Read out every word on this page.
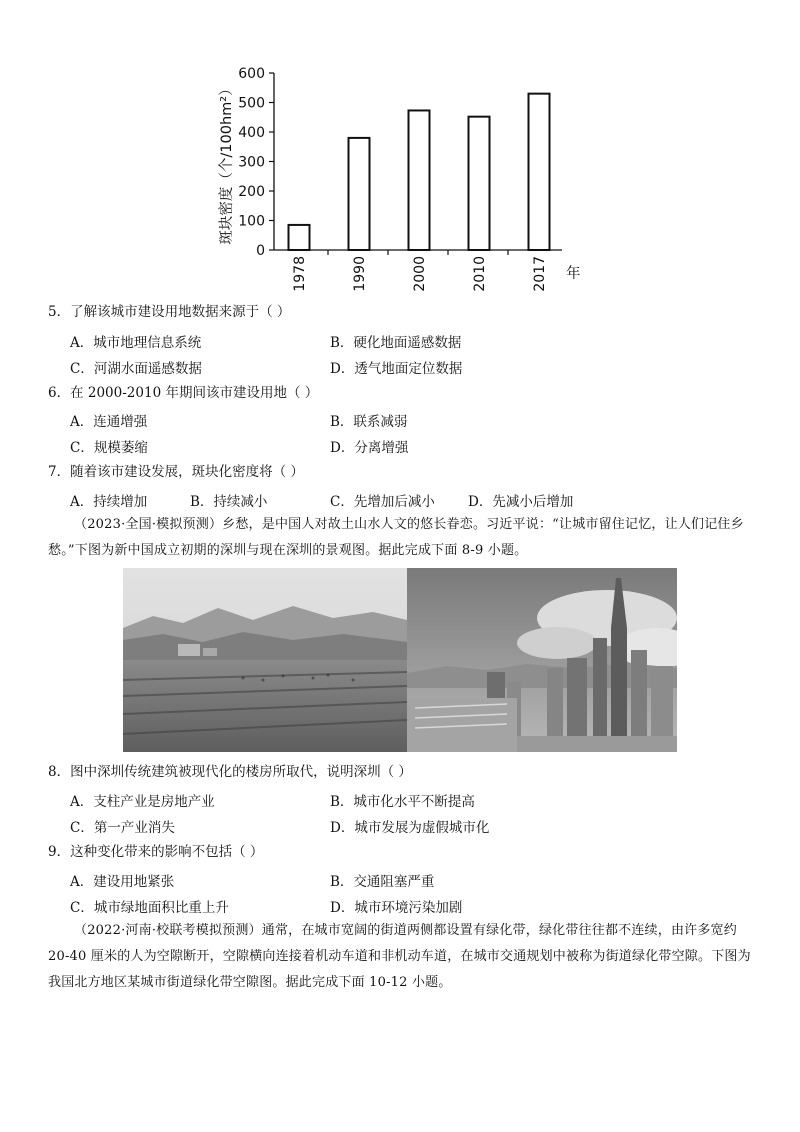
0
100
200
300
400
500
600
斑块密度（个/100hm²）
1978	1990	2000	2010	2017 年
5．了解该城市建设用地数据来源于（ ）
A．城市地理信息系统	B．硬化地面遥感数据
C．河湖水面遥感数据	D．透气地面定位数据
6．在 2000-2010 年期间该市建设用地（ ）
A．连通增强	B．联系减弱
C．规模萎缩	D．分离增强
7．随着该市建设发展，斑块化密度将（ ）
A．持续增加	B．持续减小	C．先增加后减小 D．先减小后增加
（2023·全国·模拟预测）乡愁，是中国人对故土山水人文的悠长眷恋。习近平说：“让城市留住记忆，让人们记住乡愁。”下图为新中国成立初期的深圳与现在深圳的景观图。据此完成下面 8-9 小题。
8．图中深圳传统建筑被现代化的楼房所取代，说明深圳（ ）
A．支柱产业是房地产业	B．城市化水平不断提高
C．第一产业消失	D．城市发展为虚假城市化
9．这种变化带来的影响不包括（ ）
A．建设用地紧张	B．交通阻塞严重
C．城市绿地面积比重上升	D．城市环境污染加剧
（2022·河南·校联考模拟预测）通常，在城市宽阔的街道两侧都设置有绿化带，绿化带往往都不连续，由许多宽约 20-40 厘米的人为空隙断开，空隙横向连接着机动车道和非机动车道，在城市交通规划中被称为街道绿化带空隙。下图为我国北方地区某城市街道绿化带空隙图。据此完成下面 10-12 小题。
